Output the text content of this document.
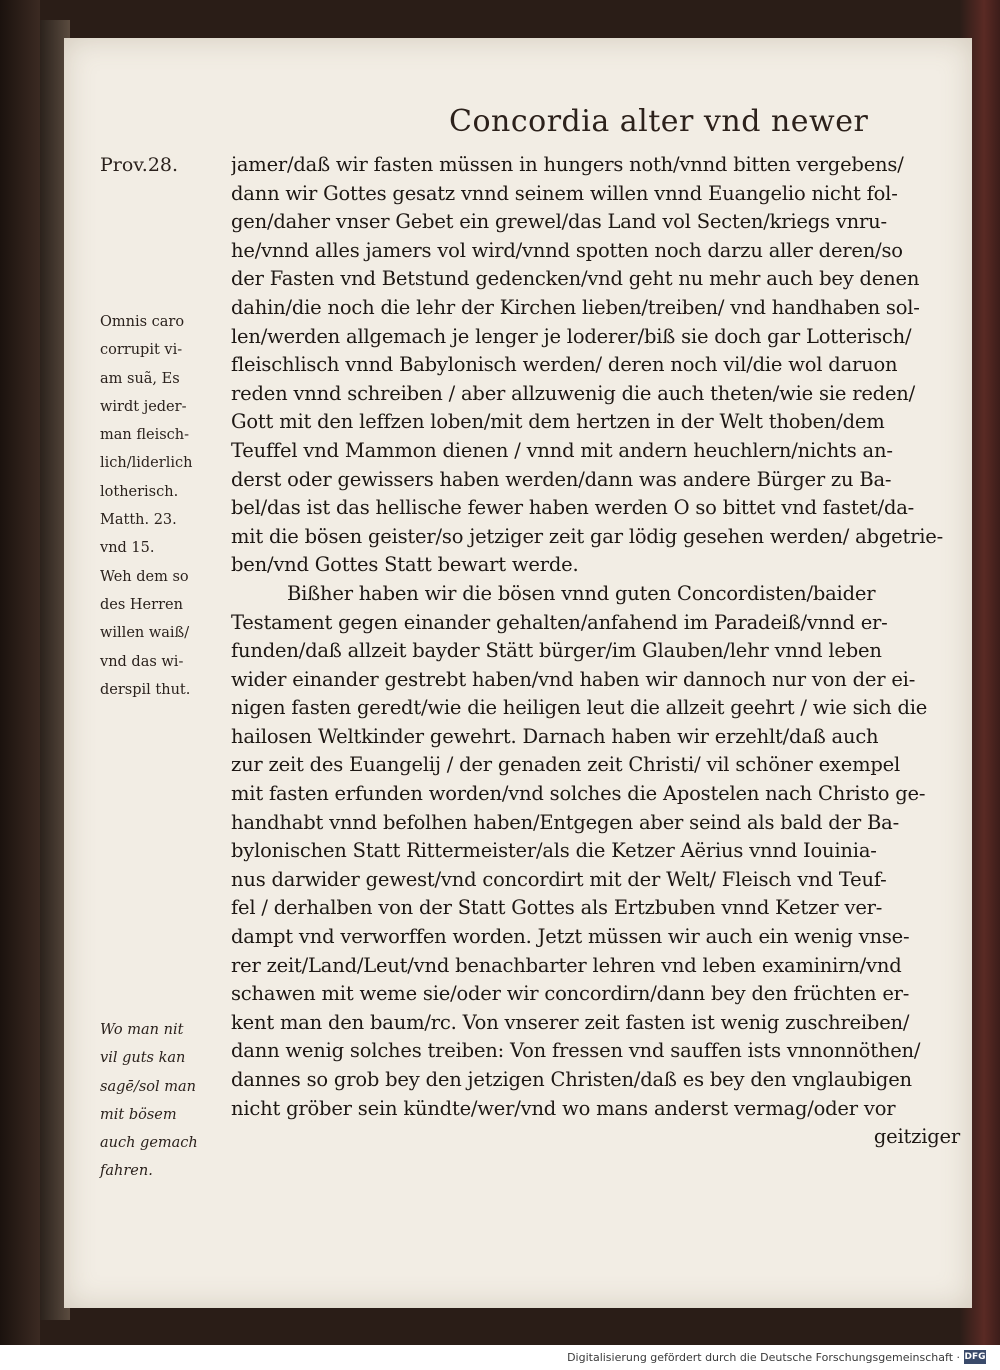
Concordia alter vnd newer
Prov.28.
Omnis caro
corrupit vi-
am suã, Es
wirdt jeder-
man fleisch-
lich/liderlich
lotherisch.
Matth. 23.
vnd 15.
Weh dem so
des Herren
willen waiß/
vnd das wi-
derspil thut.
Wo man nit
vil guts kan
sagē/sol man
mit bösem
auch gemach
fahren.
jamer/daß wir fasten müssen in hungers noth/vnnd bitten vergebens/
dann wir Gottes gesatz vnnd seinem willen vnnd Euangelio nicht fol-
gen/daher vnser Gebet ein grewel/das Land vol Secten/kriegs vnru-
he/vnnd alles jamers vol wird/vnnd spotten noch darzu aller deren/so
der Fasten vnd Betstund gedencken/vnd geht nu mehr auch bey denen
dahin/die noch die lehr der Kirchen lieben/treiben/ vnd handhaben sol-
len/werden allgemach je lenger je loderer/biß sie doch gar Lotterisch/
fleischlisch vnnd Babylonisch werden/ deren noch vil/die wol daruon
reden vnnd schreiben / aber allzuwenig die auch theten/wie sie reden/
Gott mit den leffzen loben/mit dem hertzen in der Welt thoben/dem
Teuffel vnd Mammon dienen / vnnd mit andern heuchlern/nichts an-
derst oder gewissers haben werden/dann was andere Bürger zu Ba-
bel/das ist das hellische fewer haben werden O so bittet vnd fastet/da-
mit die bösen geister/so jetziger zeit gar lödig gesehen werden/ abgetrie-
ben/vnd Gottes Statt bewart werde.
Bißher haben wir die bösen vnnd guten Concordisten/baider
Testament gegen einander gehalten/anfahend im Paradeiß/vnnd er-
funden/daß allzeit bayder Stätt bürger/im Glauben/lehr vnnd leben
wider einander gestrebt haben/vnd haben wir dannoch nur von der ei-
nigen fasten geredt/wie die heiligen leut die allzeit geehrt / wie sich die
hailosen Weltkinder gewehrt. Darnach haben wir erzehlt/daß auch
zur zeit des Euangelij / der genaden zeit Christi/ vil schöner exempel
mit fasten erfunden worden/vnd solches die Apostelen nach Christo ge-
handhabt vnnd befolhen haben/Entgegen aber seind als bald der Ba-
bylonischen Statt Rittermeister/als die Ketzer Aërius vnnd Iouinia-
nus darwider gewest/vnd concordirt mit der Welt/ Fleisch vnd Teuf-
fel / derhalben von der Statt Gottes als Ertzbuben vnnd Ketzer ver-
dampt vnd verworffen worden. Jetzt müssen wir auch ein wenig vnse-
rer zeit/Land/Leut/vnd benachbarter lehren vnd leben examinirn/vnd
schawen mit weme sie/oder wir concordirn/dann bey den früchten er-
kent man den baum/rc. Von vnserer zeit fasten ist wenig zuschreiben/
dann wenig solches treiben: Von fressen vnd sauffen ists vnnonnöthen/
dannes so grob bey den jetzigen Christen/daß es bey den vnglaubigen
nicht gröber sein kündte/wer/vnd wo mans anderst vermag/oder vor
geitziger
Digitalisierung gefördert durch die Deutsche Forschungsgemeinschaft · DFG
